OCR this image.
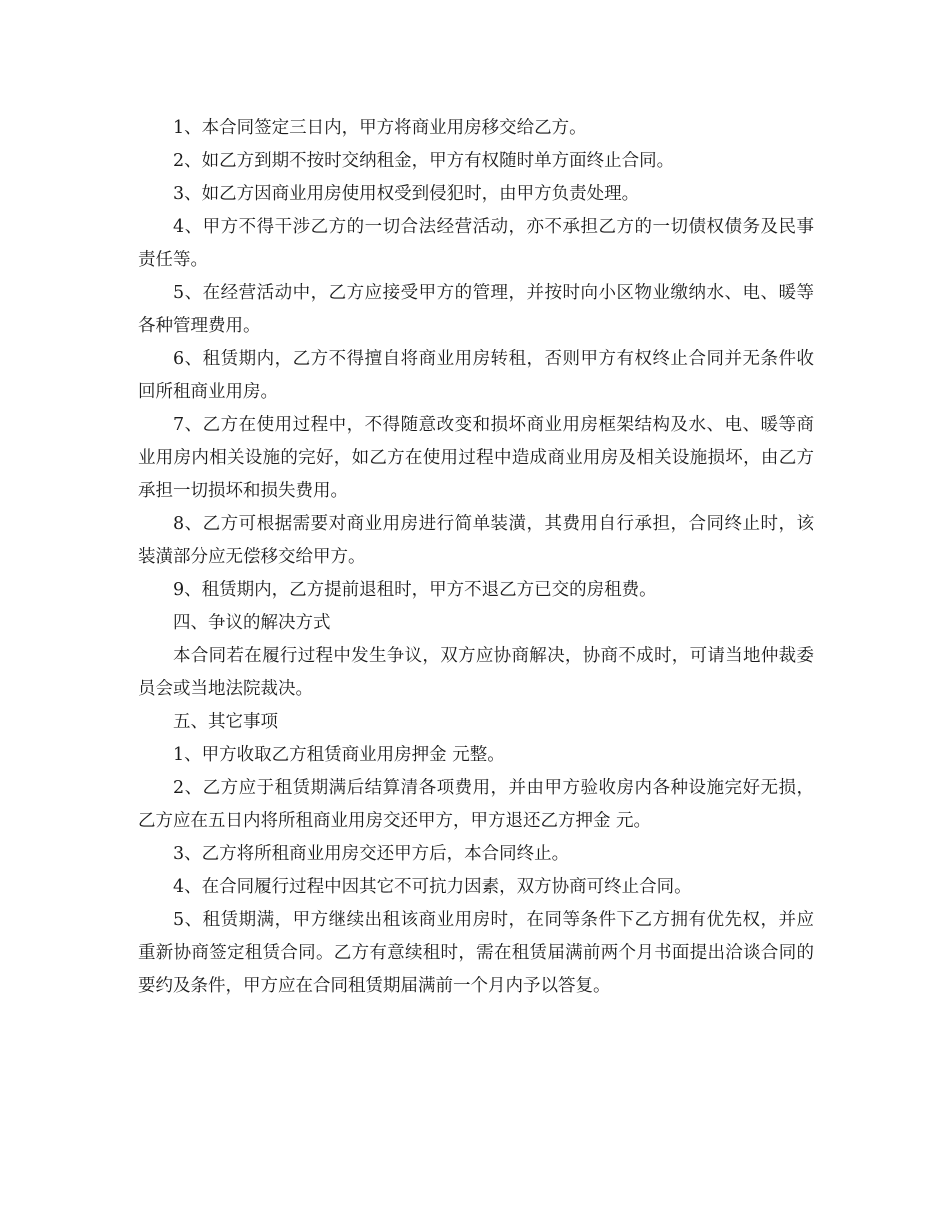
1、本合同签定三日内，甲方将商业用房移交给乙方。

2、如乙方到期不按时交纳租金，甲方有权随时单方面终止合同。

3、如乙方因商业用房使用权受到侵犯时，由甲方负责处理。

4、甲方不得干涉乙方的一切合法经营活动，亦不承担乙方的一切债权债务及民事责任等。

5、在经营活动中，乙方应接受甲方的管理，并按时向小区物业缴纳水、电、暖等各种管理费用。

6、租赁期内，乙方不得擅自将商业用房转租，否则甲方有权终止合同并无条件收回所租商业用房。

7、乙方在使用过程中，不得随意改变和损坏商业用房框架结构及水、电、暖等商业用房内相关设施的完好，如乙方在使用过程中造成商业用房及相关设施损坏，由乙方承担一切损坏和损失费用。

8、乙方可根据需要对商业用房进行简单装潢，其费用自行承担，合同终止时，该装潢部分应无偿移交给甲方。

9、租赁期内，乙方提前退租时，甲方不退乙方已交的房租费。

四、争议的解决方式

本合同若在履行过程中发生争议，双方应协商解决，协商不成时，可请当地仲裁委员会或当地法院裁决。

五、其它事项

1、甲方收取乙方租赁商业用房押金 元整。

2、乙方应于租赁期满后结算清各项费用，并由甲方验收房内各种设施完好无损，乙方应在五日内将所租商业用房交还甲方，甲方退还乙方押金 元。

3、乙方将所租商业用房交还甲方后，本合同终止。

4、在合同履行过程中因其它不可抗力因素，双方协商可终止合同。

5、租赁期满，甲方继续出租该商业用房时，在同等条件下乙方拥有优先权，并应重新协商签定租赁合同。乙方有意续租时，需在租赁届满前两个月书面提出洽谈合同的要约及条件，甲方应在合同租赁期届满前一个月内予以答复。
